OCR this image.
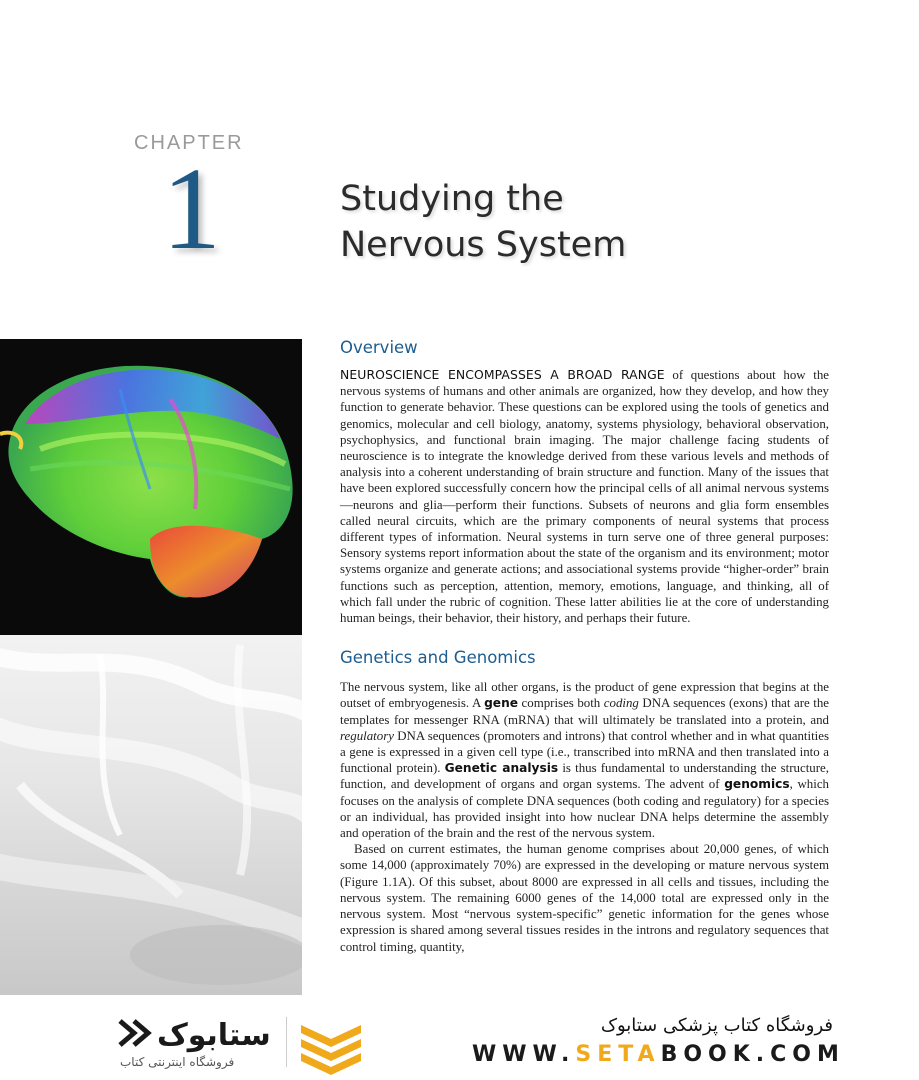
CHAPTER
1	Studying the
Nervous System
Overview

NEUROSCIENCE ENCOMPASSES A BROAD RANGE of questions about how the nervous systems of humans and other animals are organized, how they develop, and how they function to generate behavior. These questions can be explored using the tools of genetics and genomics, molecular and cell biology, anatomy, systems physiology, behavioral observation, psychophysics, and functional brain imaging. The major challenge facing students of neuroscience is to integrate the knowledge derived from these various levels and methods of analysis into a coherent understanding of brain structure and function. Many of the issues that have been explored successfully concern how the principal cells of all animal nervous systems—neurons and glia—perform their functions. Subsets of neurons and glia form ensembles called neural circuits, which are the primary components of neural systems that process different types of information. Neural systems in turn serve one of three general purposes: Sensory systems report information about the state of the organism and its environment; motor systems organize and generate actions; and associational systems provide “higher-order” brain functions such as perception, attention, memory, emotions, language, and thinking, all of which fall under the rubric of cognition. These latter abilities lie at the core of understanding human beings, their behavior, their history, and perhaps their future.

Genetics and Genomics

The nervous system, like all other organs, is the product of gene expression that begins at the outset of embryogenesis. A gene comprises both coding DNA sequences (exons) that are the templates for messenger RNA (mRNA) that will ultimately be translated into a protein, and regulatory DNA sequences (promoters and introns) that control whether and in what quantities a gene is expressed in a given cell type (i.e., transcribed into mRNA and then translated into a functional protein). Genetic analysis is thus fundamental to understanding the structure, function, and development of organs and organ systems. The advent of genomics, which focuses on the analysis of complete DNA sequences (both coding and regulatory) for a species or an individual, has provided insight into how nuclear DNA helps determine the assembly and operation of the brain and the rest of the nervous system.

Based on current estimates, the human genome comprises about 20,000 genes, of which some 14,000 (approximately 70%) are expressed in the developing or mature nervous system (Figure 1.1A). Of this subset, about 8000 are expressed in all cells and tissues, including the nervous system. The remaining 6000 genes of the 14,000 total are expressed only in the nervous system. Most “nervous system-specific” genetic information for the genes whose expression is shared among several tissues resides in the introns and regulatory sequences that control timing, quantity,

ستابوک
فروشگاه اینترنتی کتاب
فروشگاه کتاب پزشکی ستابوک
WWW.SETABOOK.COM
